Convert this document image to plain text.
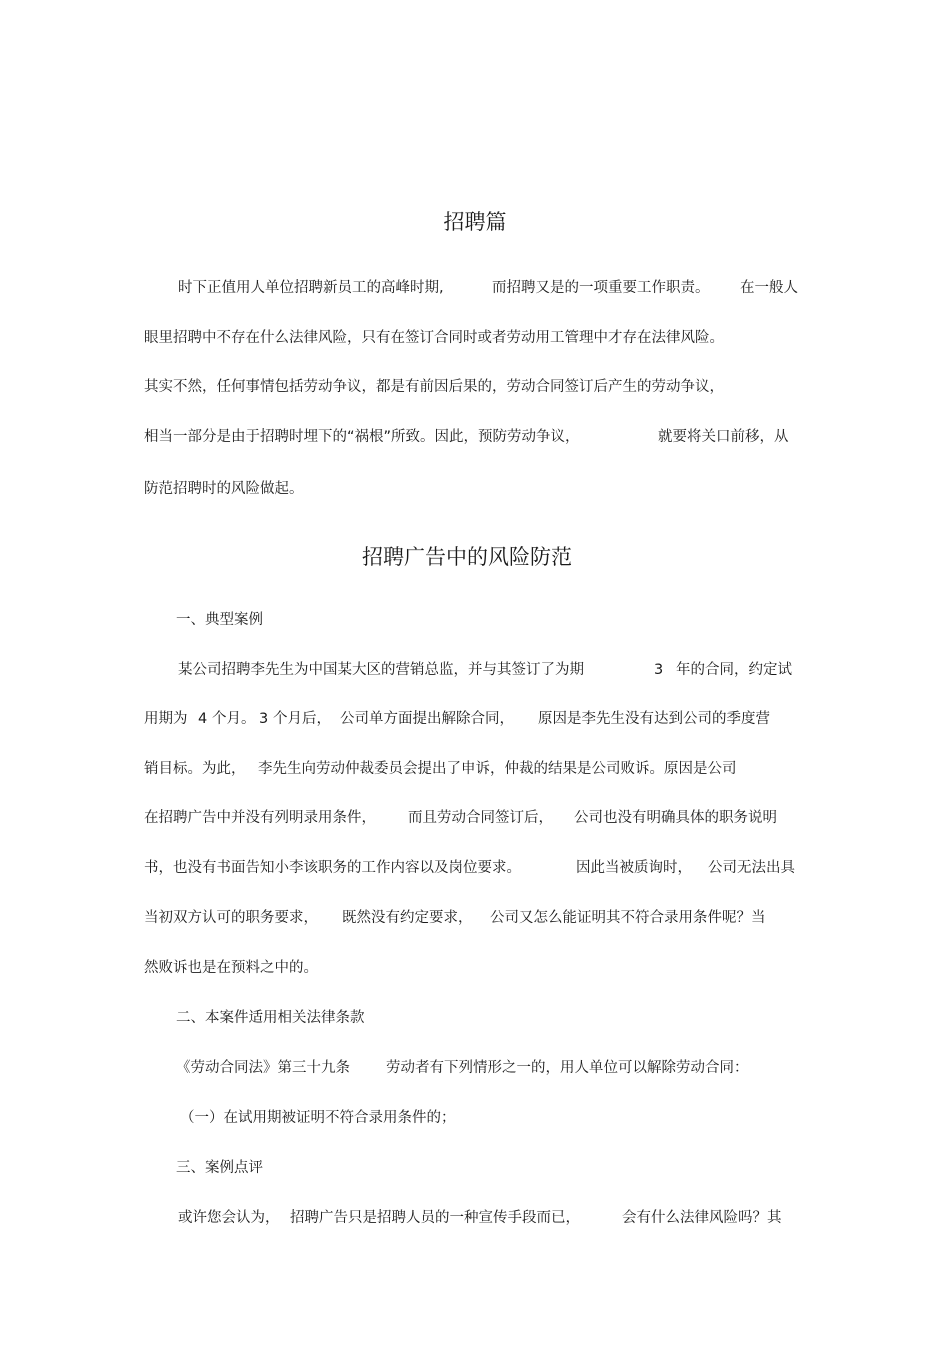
招聘篇
时下正值用人单位招聘新员工的高峰时期,	而招聘又是的一项重要工作职责。 在一般人
眼里招聘中不存在什么法律风险，只有在签订合同时或者劳动用工管理中才存在法律风险。
其实不然，任何事情包括劳动争议，都是有前因后果的，劳动合同签订后产生的劳动争议，
相当一部分是由于招聘时埋下的“祸根”所致。因此，预防劳动争议，	就要将关口前移，从
防范招聘时的风险做起。
招聘广告中的风险防范
一、典型案例
某公司招聘李先生为中国某大区的营销总监，并与其签订了为期	3 年的合同，约定试
用期为 4 个月。 3 个月后， 公司单方面提出解除合同， 原因是李先生没有达到公司的季度营
销目标。为此， 李先生向劳动仲裁委员会提出了申诉，仲裁的结果是公司败诉。原因是公司
在招聘广告中并没有列明录用条件， 而且劳动合同签订后， 公司也没有明确具体的职务说明
书，也没有书面告知小李该职务的工作内容以及岗位要求。	因此当被质询时， 公司无法出具
当初双方认可的职务要求， 既然没有约定要求， 公司又怎么能证明其不符合录用条件呢？当
然败诉也是在预料之中的。
二、本案件适用相关法律条款
《劳动合同法》第三十九条 劳动者有下列情形之一的，用人单位可以解除劳动合同：
（一）在试用期被证明不符合录用条件的；
三、案例点评
或许您会认为， 招聘广告只是招聘人员的一种宣传手段而已，	会有什么法律风险吗？其
